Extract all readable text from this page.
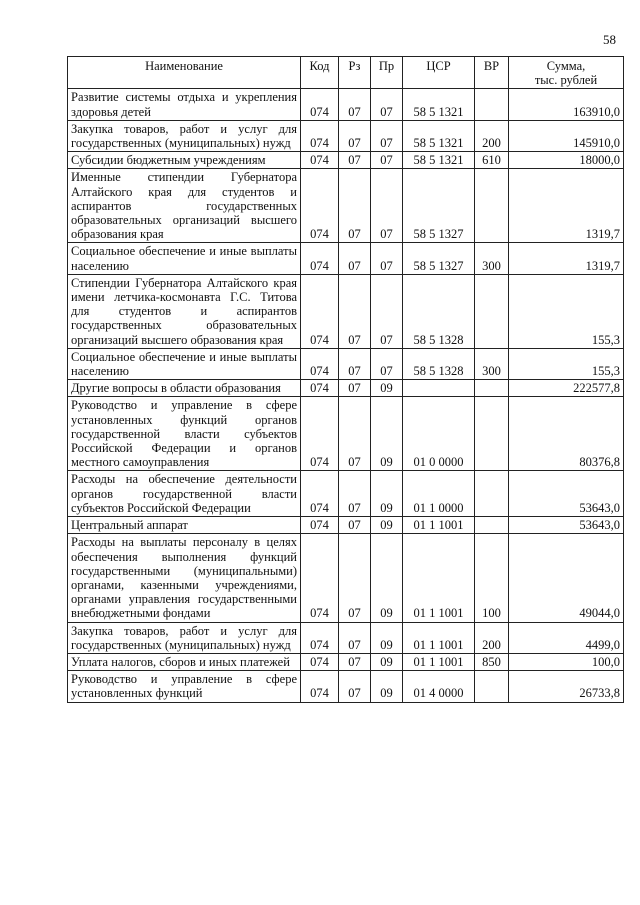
58
Наименование	Код	Рз	Пр	ЦСР	ВР	Сумма,
тыс. рублей

Развитие системы отдыха и укрепления здоровья детей	074	07	07	58 5 1321		163910,0
Закупка товаров, работ и услуг для государственных (муниципальных) нужд	074	07	07	58 5 1321	200	145910,0
Субсидии бюджетным учреждениям	074	07	07	58 5 1321	610	18000,0
Именные стипендии Губернатора Алтайского края для студентов и аспирантов государственных образовательных организаций высшего образования края	074	07	07	58 5 1327		1319,7
Социальное обеспечение и иные выплаты населению	074	07	07	58 5 1327	300	1319,7
Стипендии Губернатора Алтайского края имени летчика-космонавта Г.С. Титова для студентов и аспирантов государственных образовательных организаций высшего образования края	074	07	07	58 5 1328		155,3
Социальное обеспечение и иные выплаты населению	074	07	07	58 5 1328	300	155,3
Другие вопросы в области образования	074	07	09			222577,8
Руководство и управление в сфере установленных функций органов государственной власти субъектов Российской Федерации и органов местного самоуправления	074	07	09	01 0 0000		80376,8
Расходы на обеспечение деятельности органов государственной власти субъектов Российской Федерации	074	07	09	01 1 0000		53643,0
Центральный аппарат	074	07	09	01 1 1001		53643,0
Расходы на выплаты персоналу в целях обеспечения выполнения функций государственными (муниципальными) органами, казенными учреждениями, органами управления государственными внебюджетными фондами	074	07	09	01 1 1001	100	49044,0
Закупка товаров, работ и услуг для государственных (муниципальных) нужд	074	07	09	01 1 1001	200	4499,0
Уплата налогов, сборов и иных платежей	074	07	09	01 1 1001	850	100,0
Руководство и управление в сфере установленных функций	074	07	09	01 4 0000		26733,8
